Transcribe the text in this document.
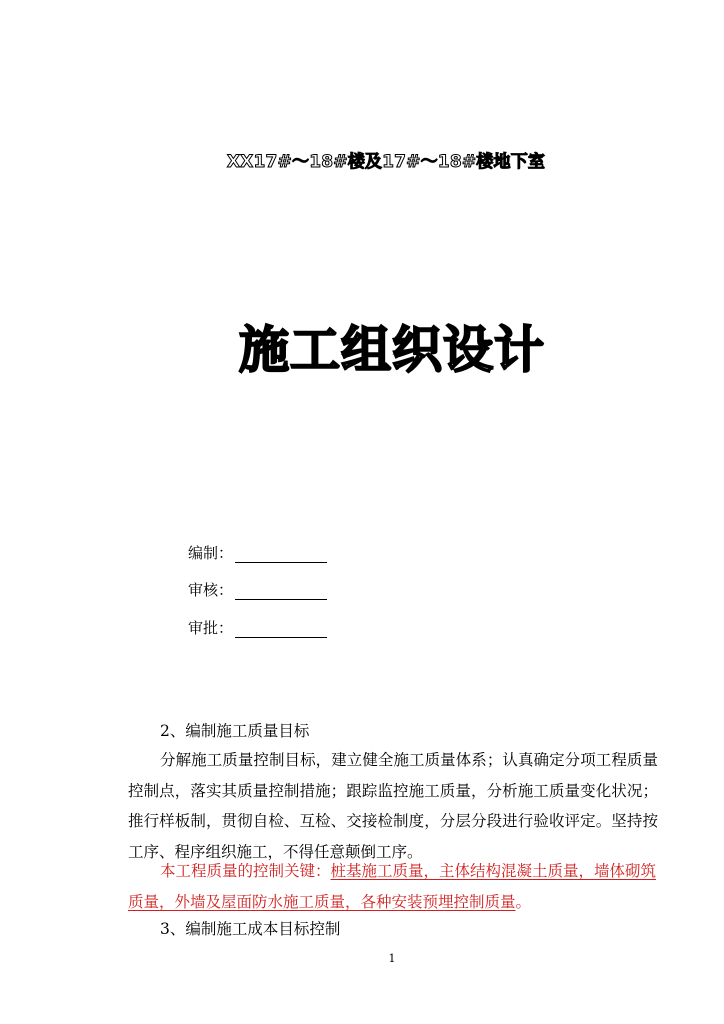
XX17#～18#楼及17#～18#楼地下室
施工组织设计
编制：
审核：
审批：
2、编制施工质量目标
分解施工质量控制目标，建立健全施工质量体系；认真确定分项工程质量控制点，落实其质量控制措施；跟踪监控施工质量，分析施工质量变化状况；推行样板制，贯彻自检、互检、交接检制度，分层分段进行验收评定。坚持按工序、程序组织施工，不得任意颠倒工序。
本工程质量的控制关键：桩基施工质量，主体结构混凝土质量，墙体砌筑质量，外墙及屋面防水施工质量，各种安装预埋控制质量。
3、编制施工成本目标控制
1
